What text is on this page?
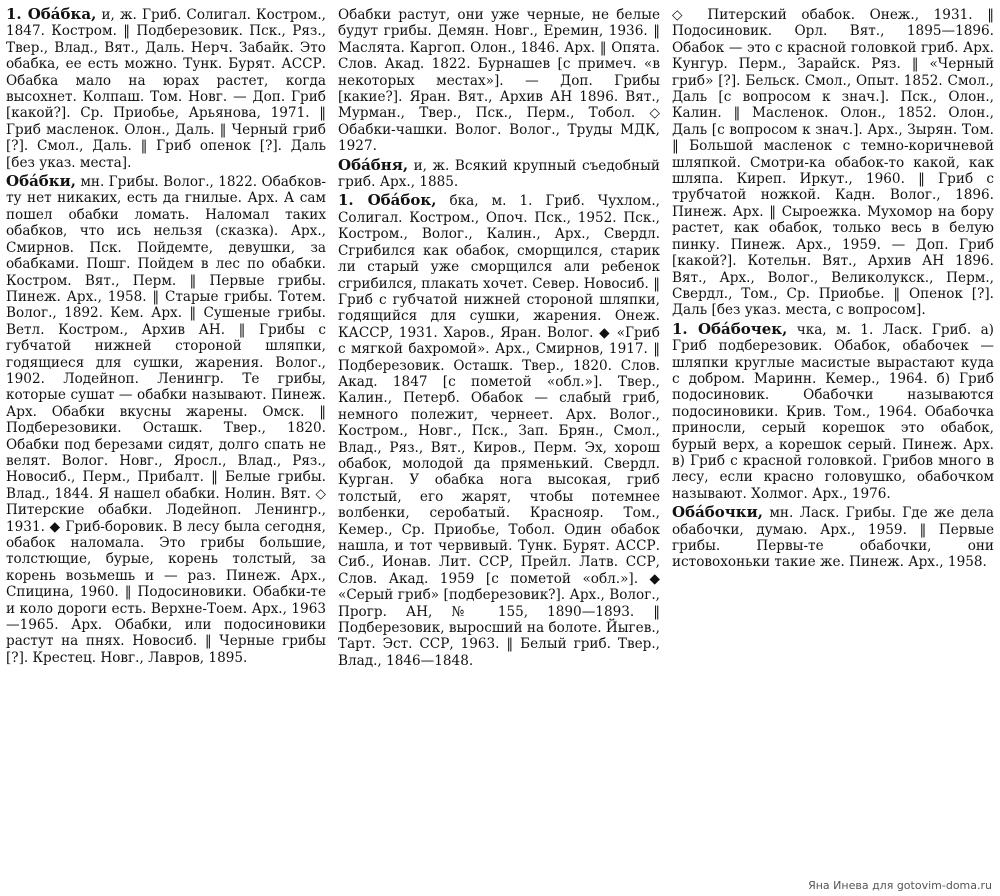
1. Обáбка, и, ж. Гриб. Солигал. Костром., 1847. Костром. ‖ Подберезовик. Пск., Ряз., Твер., Влад., Вят., Даль. Нерч. Забайк. Это обабка, ее есть можно. Тунк. Бурят. АССР. Обабка мало на юрах растет, когда высохнет. Колпаш. Том. Новг. — Доп. Гриб [какой?]. Ср. Приобье, Арьянова, 1971. ‖ Гриб масленок. Олон., Даль. ‖ Черный гриб [?]. Смол., Даль. ‖ Гриб опенок [?]. Даль [без указ. места].
Обáбки, мн. Грибы. Волог., 1822. Обабков-ту нет никаких, есть да гнилые. Арх. А сам пошел обабки ломать. Наломал таких обабков, что ись нельзя (сказка). Арх., Смирнов. Пск. Пойдемте, девушки, за обабками. Пошг. Пойдем в лес по обабки. Костром. Вят., Перм. ‖ Первые грибы. Пинеж. Арх., 1958. ‖ Старые грибы. Тотем. Волог., 1892. Кем. Арх. ‖ Сушеные грибы. Ветл. Костром., Архив АН. ‖ Грибы с губчатой нижней стороной шляпки, годящиеся для сушки, жарения. Волог., 1902. Лодейноп. Ленингр. Те грибы, которые сушат — обабки называют. Пинеж. Арх. Обабки вкусны жарены. Омск. ‖ Подберезовики. Осташк. Твер., 1820. Обабки под березами сидят, долго спать не велят. Волог. Новг., Яросл., Влад., Ряз., Новосиб., Перм., Прибалт. ‖ Белые грибы. Влад., 1844. Я нашел обабки. Нолин. Вят. ◇ Питерские обабки. Лодейноп. Ленингр., 1931. ◆ Гриб-боровик. В лесу была сегодня, обабок наломала. Это грибы большие, толстющие, бурые, корень толстый, за корень возьмешь и — раз. Пинеж. Арх., Спицина, 1960. ‖ Подосиновики. Обабки-те и коло дороги есть. Верхне-Тоем. Арх., 1963—1965. Арх. Обабки, или подосиновики растут на пнях. Новосиб. ‖ Черные грибы [?]. Крестец. Новг., Лавров, 1895.
Обабки растут, они уже черные, не белые будут грибы. Демян. Новг., Еремин, 1936. ‖ Маслята. Каргоп. Олон., 1846. Арх. ‖ Опята. Слов. Акад. 1822. Бурнашев [с примеч. «в некоторых местах»]. — Доп. Грибы [какие?]. Яран. Вят., Архив АН 1896. Вят., Мурман., Твер., Пск., Перм., Тобол. ◇ Обабки-чашки. Волог. Волог., Труды МДК, 1927.
Обáбня, и, ж. Всякий крупный съедобный гриб. Арх., 1885.
1. Обáбок, бка, м. 1. Гриб. Чухлом., Солигал. Костром., Опоч. Пск., 1952. Пск., Костром., Волог., Калин., Арх., Свердл. Сгрибился как обабок, сморщился, старик ли старый уже сморщился али ребенок сгрибился, плакать хочет. Север. Новосиб. ‖ Гриб с губчатой нижней стороной шляпки, годящийся для сушки, жарения. Онеж. КАССР, 1931. Харов., Яран. Волог. ◆ «Гриб с мягкой бахромой». Арх., Смирнов, 1917. ‖ Подберезовик. Осташк. Твер., 1820. Слов. Акад. 1847 [с пометой «обл.»]. Твер., Калин., Петерб. Обабок — слабый гриб, немного полежит, чернеет. Арх. Волог., Костром., Новг., Пск., Зап. Брян., Смол., Влад., Ряз., Вят., Киров., Перм. Эх, хорош обабок, молодой да пряменький. Свердл. Курган. У обабка нога высокая, гриб толстый, его жарят, чтобы потемнее волбенки, серобатый. Краснояр. Том., Кемер., Ср. Приобье, Тобол. Один обабок нашла, и тот червивый. Тунк. Бурят. АССР. Сиб., Ионав. Лит. ССР, Прейл. Латв. ССР, Слов. Акад. 1959 [с пометой «обл.»]. ◆ «Серый гриб» [подберезовик?]. Арх., Волог., Прогр. АН, № 155, 1890—1893. ‖ Подберезовик, выросший на болоте. Йыгев., Тарт. Эст. ССР, 1963. ‖ Белый гриб. Твер., Влад., 1846—1848.
◇ Питерский обабок. Онеж., 1931. ‖ Подосиновик. Орл. Вят., 1895—1896. Обабок — это с красной головкой гриб. Арх. Кунгур. Перм., Зарайск. Ряз. ‖ «Черный гриб» [?]. Бельск. Смол., Опыт. 1852. Смол., Даль [с вопросом к знач.]. Пск., Олон., Калин. ‖ Масленок. Олон., 1852. Олон., Даль [с вопросом к знач.]. Арх., Зырян. Том. ‖ Большой масленок с темно-коричневой шляпкой. Смотри-ка обабок-то какой, как шляпа. Киреп. Иркут., 1960. ‖ Гриб с трубчатой ножкой. Кадн. Волог., 1896. Пинеж. Арх. ‖ Сыроежка. Мухомор на бору растет, как обабок, только весь в белую пинку. Пинеж. Арх., 1959. — Доп. Гриб [какой?]. Котельн. Вят., Архив АН 1896. Вят., Арх., Волог., Великолукск., Перм., Свердл., Том., Ср. Приобье. ‖ Опенок [?]. Даль [без указ. места, с вопросом].
1. Обáбочек, чка, м. 1. Ласк. Гриб. а) Гриб подберезовик. Обабок, обабочек — шляпки круглые масистые вырастают куда с добром. Маринн. Кемер., 1964. б) Гриб подосиновик. Обабочки называются подосиновики. Крив. Том., 1964. Обабочка приносли, серый корешок это обабок, бурый верх, а корешок серый. Пинеж. Арх. в) Гриб с красной головкой. Грибов много в лесу, если красно головушко, обабочком называют. Холмог. Арх., 1976.
Обáбочки, мн. Ласк. Грибы. Где же дела обабочки, думаю. Арх., 1959. ‖ Первые грибы. Первы-те обабочки, они истовохоньки такие же. Пинеж. Арх., 1958.
Яна Инева для gotovim-doma.ru
